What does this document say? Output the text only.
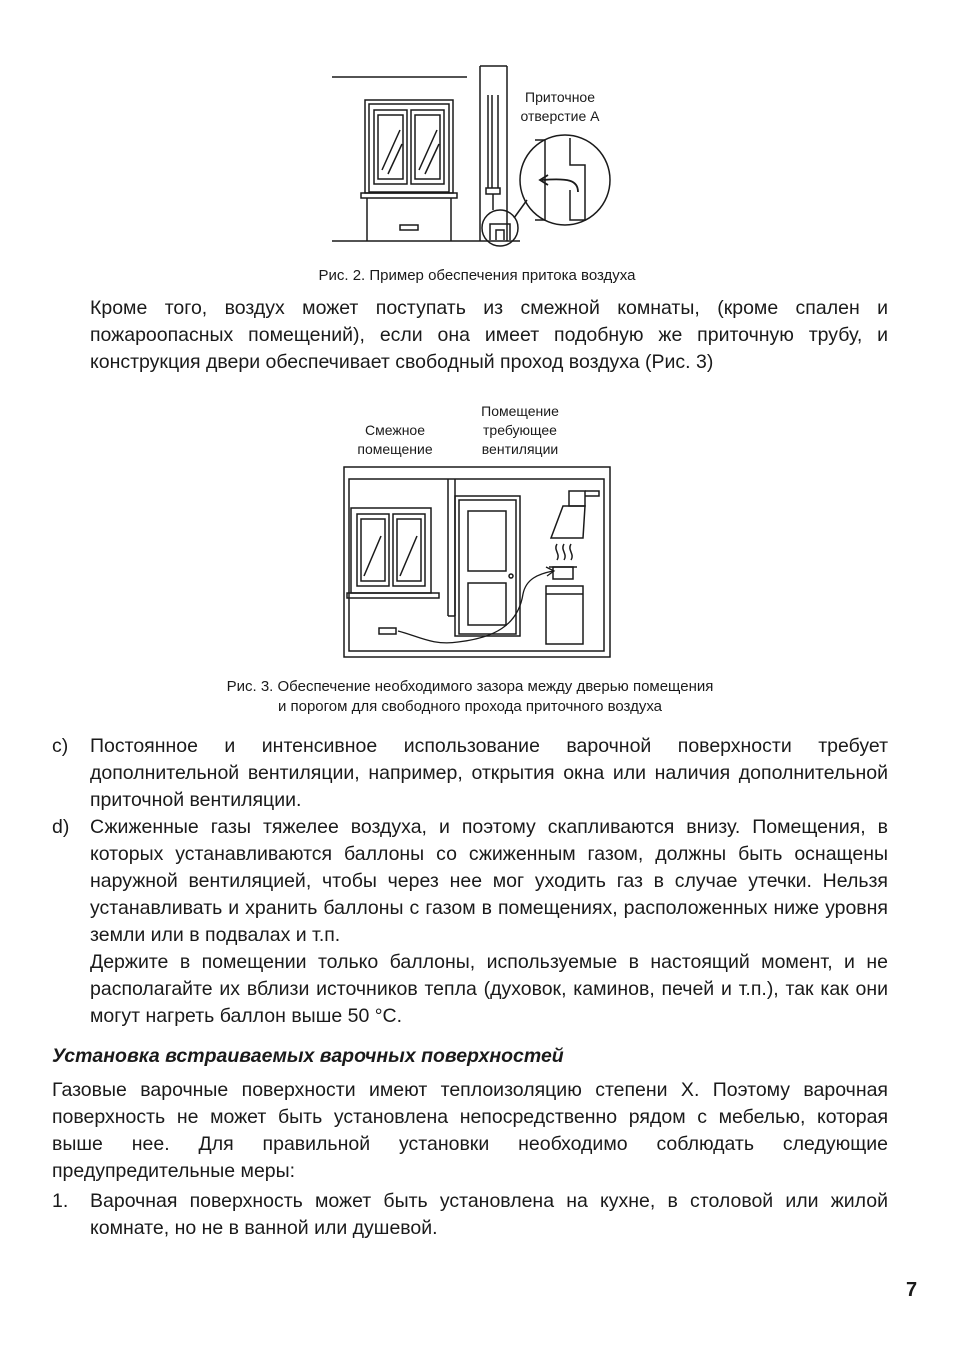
Приточное
отверстие А
Рис. 2. Пример обеспечения притока воздуха
Кроме того, воздух может поступать из смежной комнаты, (кроме спален и пожароопасных помещений), если она имеет подобную же приточную трубу, и конструкция двери обеспечивает свободный проход воздуха (Рис. 3)
Смежное
помещение
Помещение
требующее
вентиляции
Рис. 3. Обеспечение необходимого зазора между дверью помещения
и порогом для свободного прохода приточного воздуха
c) Постоянное и интенсивное использование варочной поверхности требует дополнительной вентиляции, например, открытия окна или наличия дополнительной приточной вентиляции.
d) Сжиженные газы тяжелее воздуха, и поэтому скапливаются внизу. Помещения, в которых устанавливаются баллоны со сжиженным газом, должны быть оснащены наружной вентиляцией, чтобы через нее мог уходить газ в случае утечки. Нельзя устанавливать и хранить баллоны с газом в помещениях, расположенных ниже уровня земли или в подвалах и т.п.
Держите в помещении только баллоны, используемые в настоящий момент, и не располагайте их вблизи источников тепла (духовок, каминов, печей и т.п.), так как они могут нагреть баллон выше 50 °С.
Установка встраиваемых варочных поверхностей
Газовые варочные поверхности имеют теплоизоляцию степени Х. Поэтому варочная поверхность не может быть установлена непосредственно рядом с мебелью, которая выше нее. Для правильной установки необходимо соблюдать следующие предупредительные меры:
1. Варочная поверхность может быть установлена на кухне, в столовой или жилой комнате, но не в ванной или душевой.
7
